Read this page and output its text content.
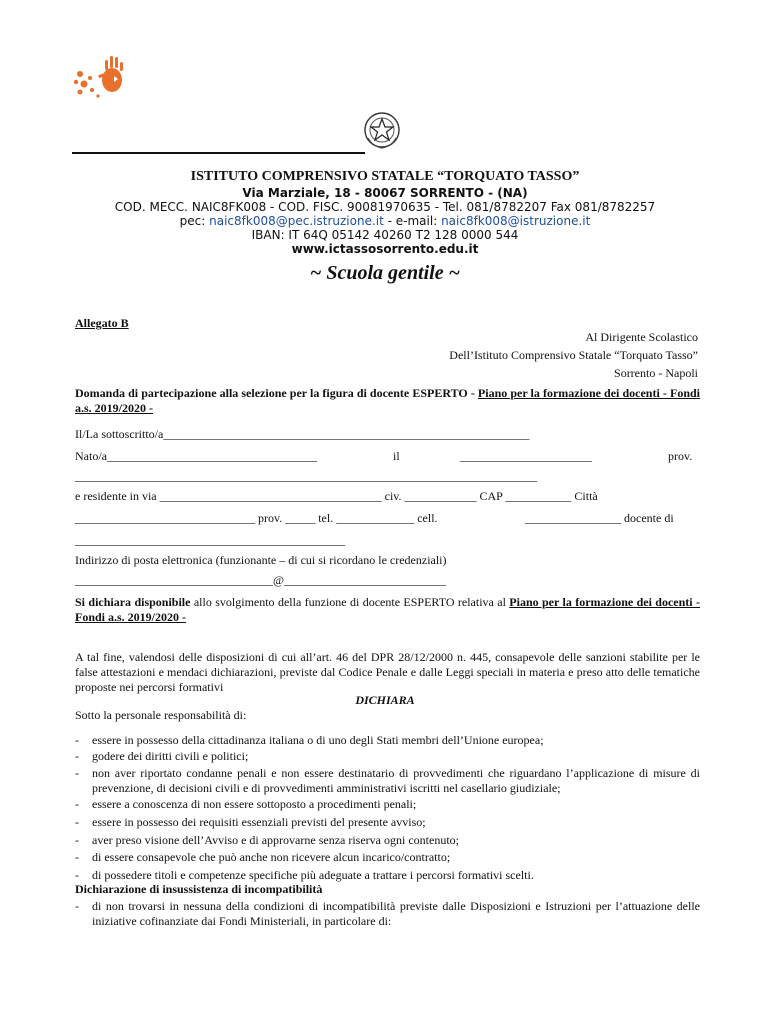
ISTITUTO COMPRENSIVO STATALE “TORQUATO TASSO”
Via Marziale, 18 - 80067 SORRENTO - (NA)
COD. MECC. NAIC8FK008 - COD. FISC. 90081970635 - Tel. 081/8782207 Fax 081/8782257
pec: naic8fk008@pec.istruzione.it - e-mail: naic8fk008@istruzione.it
IBAN: IT 64Q 05142 40260 T2 128 0000 544
www.ictassosorrento.edu.it
~ Scuola gentile ~
Allegato B
Al Dirigente Scolastico
Dell’Istituto Comprensivo Statale “Torquato Tasso”
Sorrento - Napoli
Domanda di partecipazione alla selezione per la figura di docente ESPERTO - Piano per la formazione dei docenti - Fondi a.s. 2019/2020 -
Il/La sottoscritto/a_____________________________________________________________
Nato/a___________________________________	il	______________________	prov.
_____________________________________________________________________________
e residente in via _____________________________________ civ. ____________ CAP ___________ Città
______________________________ prov. _____ tel. _____________ cell.	________________ docente di
_____________________________________________
Indirizzo di posta elettronica (funzionante – di cui si ricordano le credenziali)
_________________________________@___________________________
Si dichiara disponibile allo svolgimento della funzione di docente ESPERTO relativa al Piano per la formazione dei docenti - Fondi a.s. 2019/2020 -
A tal fine, valendosi delle disposizioni di cui all’art. 46 del DPR 28/12/2000 n. 445, consapevole delle sanzioni stabilite per le false attestazioni e mendaci dichiarazioni, previste dal Codice Penale e dalle Leggi speciali in materia e preso atto delle tematiche proposte nei percorsi formativi
DICHIARA
Sotto la personale responsabilità di:
- essere in possesso della cittadinanza italiana o di uno degli Stati membri dell’Unione europea;
- godere dei diritti civili e politici;
- non aver riportato condanne penali e non essere destinatario di provvedimenti che riguardano l’applicazione di misure di prevenzione, di decisioni civili e di provvedimenti amministrativi iscritti nel casellario giudiziale;
- essere a conoscenza di non essere sottoposto a procedimenti penali;
- essere in possesso dei requisiti essenziali previsti del presente avviso;
- aver preso visione dell’Avviso e di approvarne senza riserva ogni contenuto;
- di essere consapevole che può anche non ricevere alcun incarico/contratto;
- di possedere titoli e competenze specifiche più adeguate a trattare i percorsi formativi scelti.
Dichiarazione di insussistenza di incompatibilità
- di non trovarsi in nessuna della condizioni di incompatibilità previste dalle Disposizioni e Istruzioni per l’attuazione delle iniziative cofinanziate dai Fondi Ministeriali, in particolare di:
